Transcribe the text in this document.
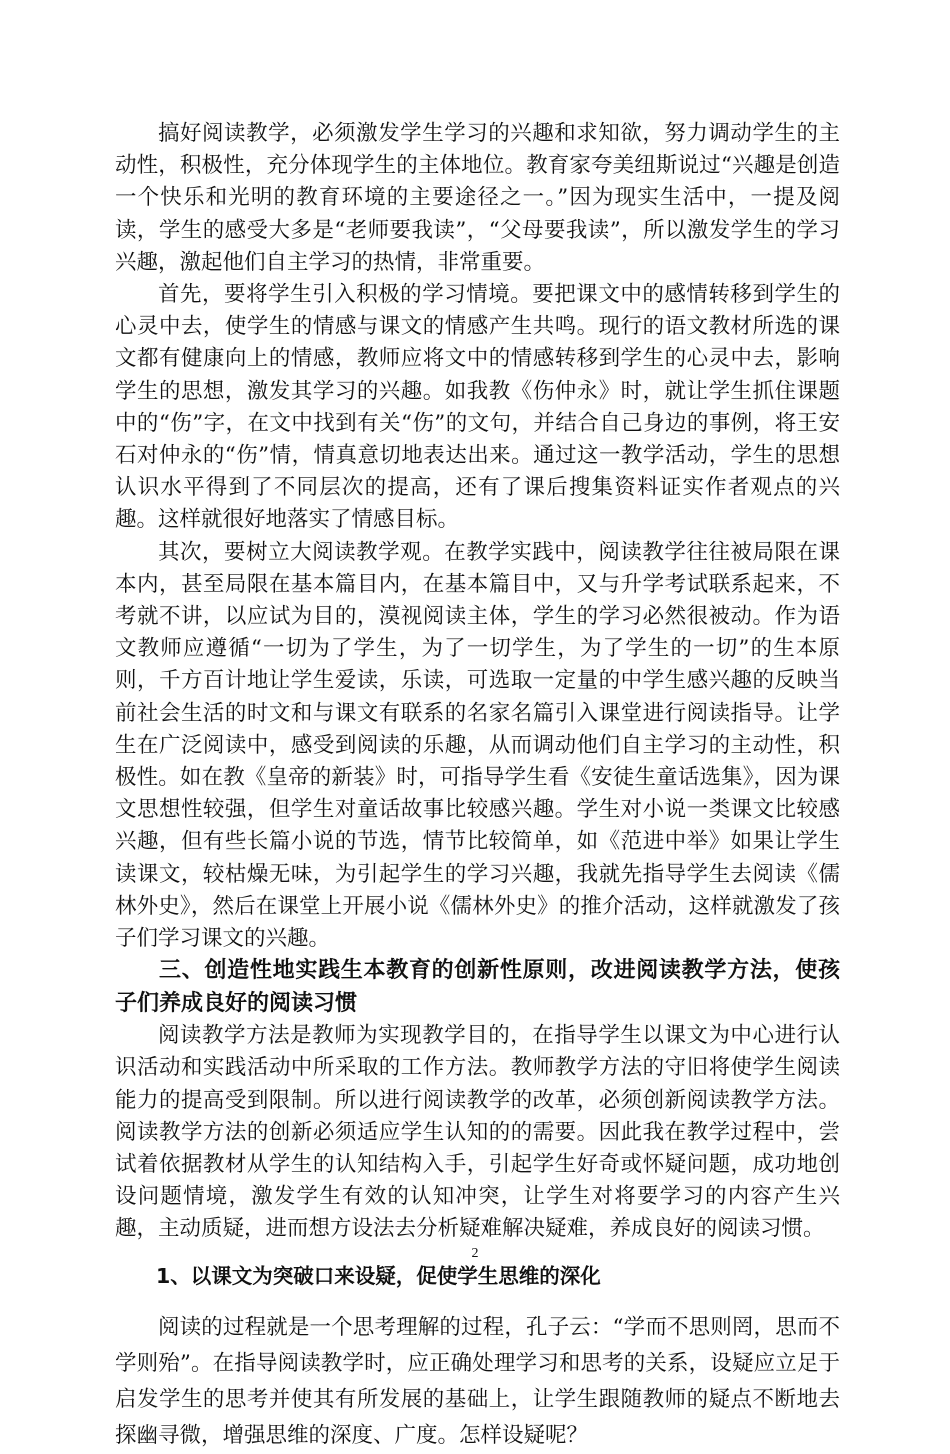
搞好阅读教学，必须激发学生学习的兴趣和求知欲，努力调动学生的主动性，积极性，充分体现学生的主体地位。教育家夸美纽斯说过“兴趣是创造一个快乐和光明的教育环境的主要途径之一。”因为现实生活中，一提及阅读，学生的感受大多是“老师要我读”，“父母要我读”，所以激发学生的学习兴趣，激起他们自主学习的热情，非常重要。

首先，要将学生引入积极的学习情境。要把课文中的感情转移到学生的心灵中去，使学生的情感与课文的情感产生共鸣。现行的语文教材所选的课文都有健康向上的情感，教师应将文中的情感转移到学生的心灵中去，影响学生的思想，激发其学习的兴趣。如我教《伤仲永》时，就让学生抓住课题中的“伤”字，在文中找到有关“伤”的文句，并结合自己身边的事例，将王安石对仲永的“伤”情，情真意切地表达出来。通过这一教学活动，学生的思想认识水平得到了不同层次的提高，还有了课后搜集资料证实作者观点的兴趣。这样就很好地落实了情感目标。

其次，要树立大阅读教学观。在教学实践中，阅读教学往往被局限在课本内，甚至局限在基本篇目内，在基本篇目中，又与升学考试联系起来，不考就不讲，以应试为目的，漠视阅读主体，学生的学习必然很被动。作为语文教师应遵循“一切为了学生，为了一切学生，为了学生的一切”的生本原则，千方百计地让学生爱读，乐读，可选取一定量的中学生感兴趣的反映当前社会生活的时文和与课文有联系的名家名篇引入课堂进行阅读指导。让学生在广泛阅读中，感受到阅读的乐趣，从而调动他们自主学习的主动性，积极性。如在教《皇帝的新装》时，可指导学生看《安徒生童话选集》，因为课文思想性较强，但学生对童话故事比较感兴趣。学生对小说一类课文比较感兴趣，但有些长篇小说的节选，情节比较简单，如《范进中举》如果让学生读课文，较枯燥无味，为引起学生的学习兴趣，我就先指导学生去阅读《儒林外史》，然后在课堂上开展小说《儒林外史》的推介活动，这样就激发了孩子们学习课文的兴趣。

三、创造性地实践生本教育的创新性原则，改进阅读教学方法，使孩子们养成良好的阅读习惯

阅读教学方法是教师为实现教学目的，在指导学生以课文为中心进行认识活动和实践活动中所采取的工作方法。教师教学方法的守旧将使学生阅读能力的提高受到限制。所以进行阅读教学的改革，必须创新阅读教学方法。阅读教学方法的创新必须适应学生认知的的需要。因此我在教学过程中，尝试着依据教材从学生的认知结构入手，引起学生好奇或怀疑问题，成功地创设问题情境，激发学生有效的认知冲突，让学生对将要学习的内容产生兴趣，主动质疑，进而想方设法去分析疑难解决疑难，养成良好的阅读习惯。

1、以课文为突破口来设疑，促使学生思维的深化

阅读的过程就是一个思考理解的过程，孔子云：“学而不思则罔，思而不学则殆”。在指导阅读教学时，应正确处理学习和思考的关系，设疑应立足于启发学生的思考并使其有所发展的基础上，让学生跟随教师的疑点不断地去探幽寻微，增强思维的深度、广度。怎样设疑呢？

2
